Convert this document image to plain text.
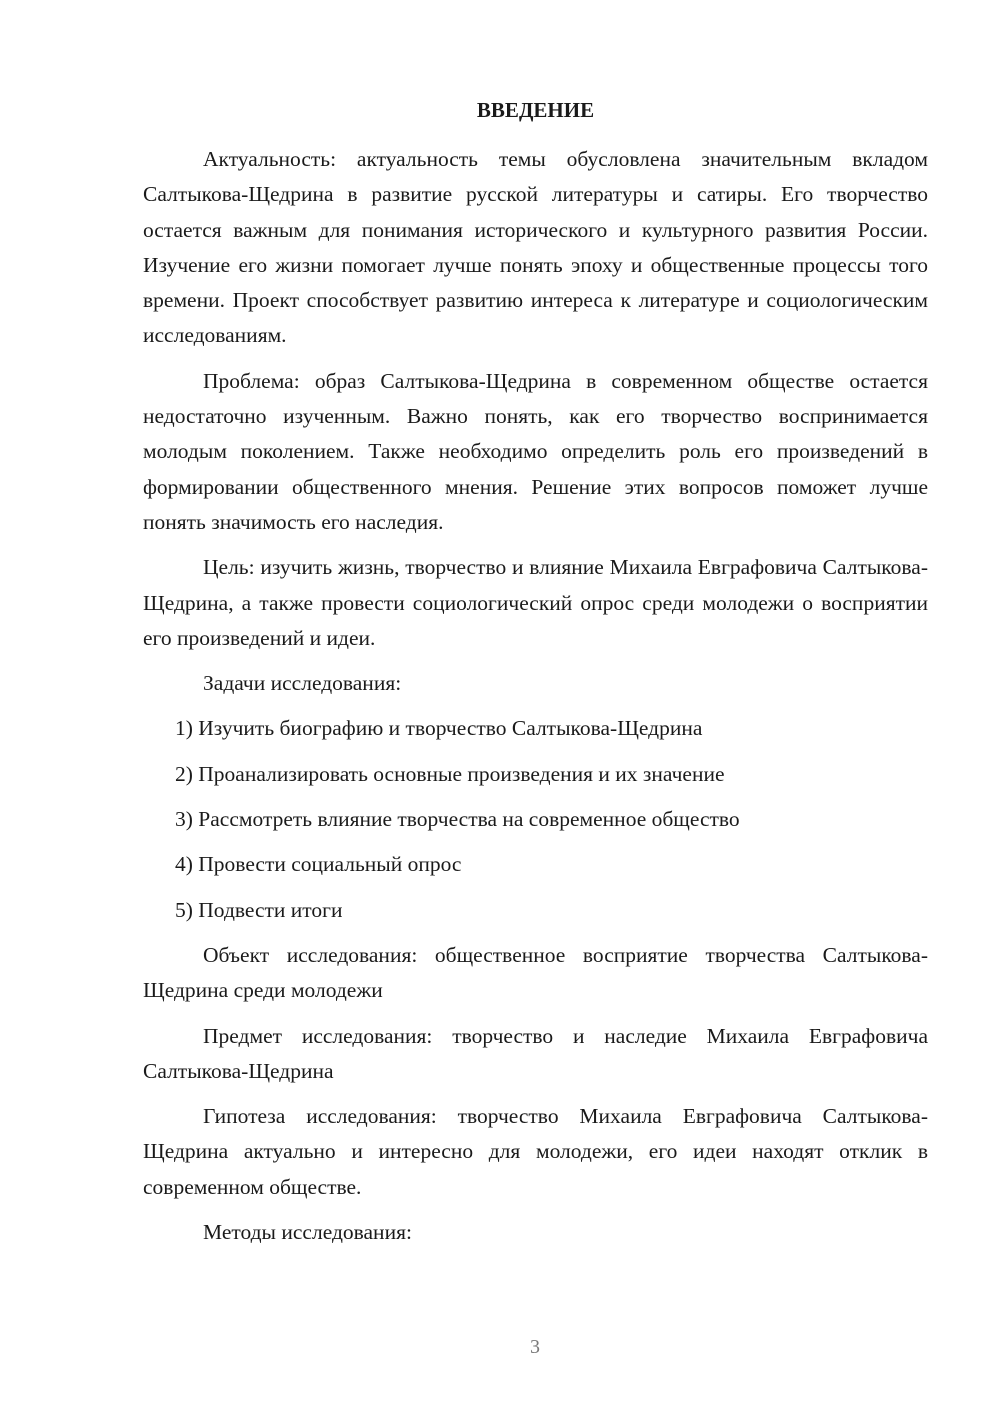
ВВЕДЕНИЕ

Актуальность: актуальность темы обусловлена значительным вкладом Салтыкова-Щедрина в развитие русской литературы и сатиры. Его творчество остается важным для понимания исторического и культурного развития России. Изучение его жизни помогает лучше понять эпоху и общественные процессы того времени. Проект способствует развитию интереса к литературе и социологическим исследованиям.

Проблема: образ Салтыкова-Щедрина в современном обществе остается недостаточно изученным. Важно понять, как его творчество воспринимается молодым поколением. Также необходимо определить роль его произведений в формировании общественного мнения. Решение этих вопросов поможет лучше понять значимость его наследия.

Цель: изучить жизнь, творчество и влияние Михаила Евграфовича Салтыкова-Щедрина, а также провести социологический опрос среди молодежи о восприятии его произведений и идеи.

Задачи исследования:

1) Изучить биографию и творчество Салтыкова-Щедрина
2) Проанализировать основные произведения и их значение
3) Рассмотреть влияние творчества на современное общество
4) Провести социальный опрос
5) Подвести итоги

Объект исследования: общественное восприятие творчества Салтыкова-Щедрина среди молодежи

Предмет исследования: творчество и наследие Михаила Евграфовича Салтыкова-Щедрина

Гипотеза исследования: творчество Михаила Евграфовича Салтыкова-Щедрина актуально и интересно для молодежи, его идеи находят отклик в современном обществе.

Методы исследования:

3
